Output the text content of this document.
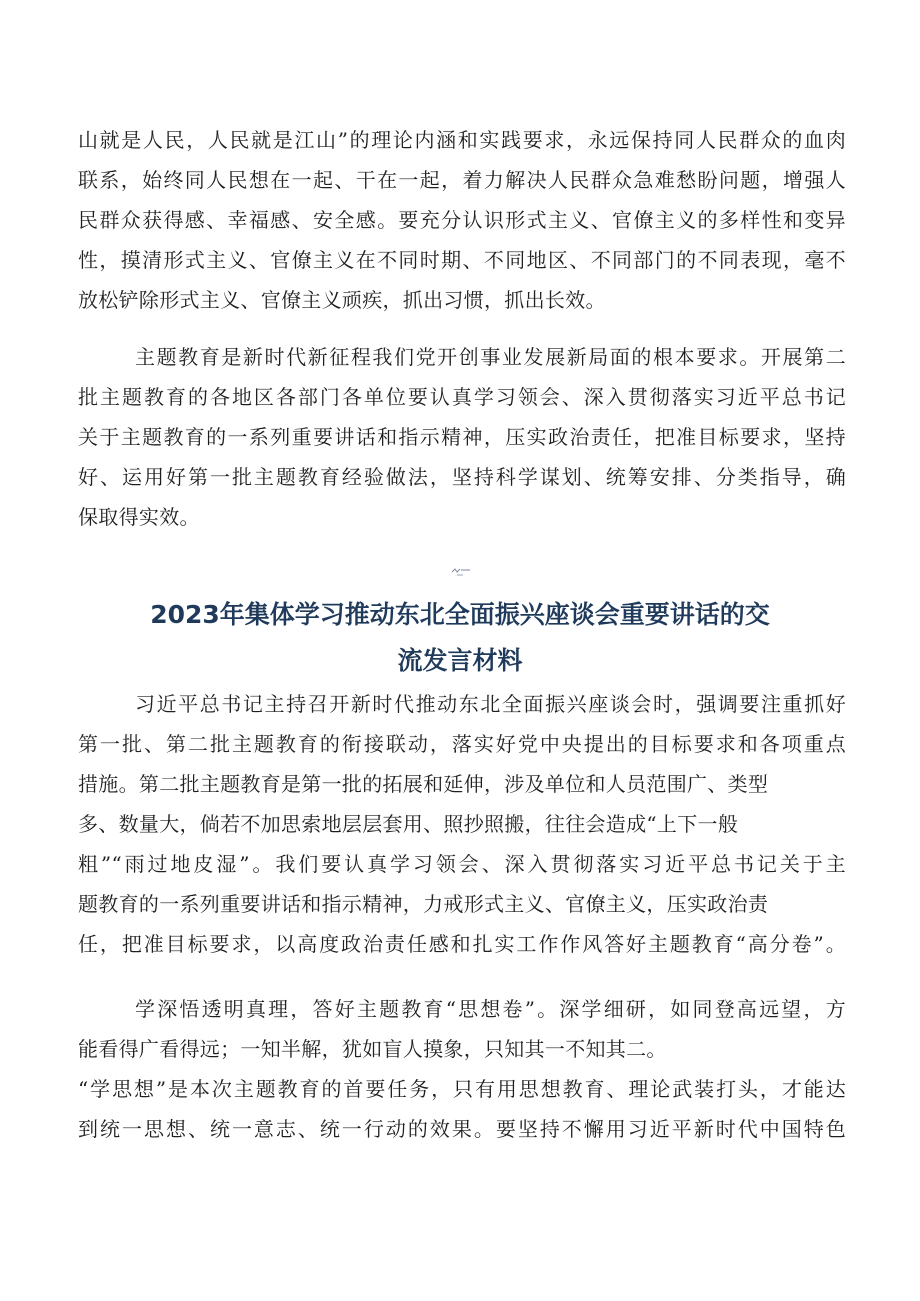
山就是人民，人民就是江山”的理论内涵和实践要求，永远保持同人民群众的血肉
联系，始终同人民想在一起、干在一起，着力解决人民群众急难愁盼问题，增强人
民群众获得感、幸福感、安全感。要充分认识形式主义、官僚主义的多样性和变异
性，摸清形式主义、官僚主义在不同时期、不同地区、不同部门的不同表现，毫不
放松铲除形式主义、官僚主义顽疾，抓出习惯，抓出长效。
主题教育是新时代新征程我们党开创事业发展新局面的根本要求。开展第二
批主题教育的各地区各部门各单位要认真学习领会、深入贯彻落实习近平总书记
关于主题教育的一系列重要讲话和指示精神，压实政治责任，把准目标要求，坚持
好、运用好第一批主题教育经验做法，坚持科学谋划、统筹安排、分类指导，确
保取得实效。
2023年集体学习推动东北全面振兴座谈会重要讲话的交
流发言材料
习近平总书记主持召开新时代推动东北全面振兴座谈会时，强调要注重抓好
第一批、第二批主题教育的衔接联动，落实好党中央提出的目标要求和各项重点
措施。第二批主题教育是第一批的拓展和延伸，涉及单位和人员范围广、类型
多、数量大，倘若不加思索地层层套用、照抄照搬，往往会造成“上下一般
粗”“雨过地皮湿”。我们要认真学习领会、深入贯彻落实习近平总书记关于主
题教育的一系列重要讲话和指示精神，力戒形式主义、官僚主义，压实政治责
任，把准目标要求，以高度政治责任感和扎实工作作风答好主题教育“高分卷”。
学深悟透明真理，答好主题教育“思想卷”。深学细研，如同登高远望，方
能看得广看得远；一知半解，犹如盲人摸象，只知其一不知其二。
“学思想”是本次主题教育的首要任务，只有用思想教育、理论武装打头，才能达
到统一思想、统一意志、统一行动的效果。要坚持不懈用习近平新时代中国特色
